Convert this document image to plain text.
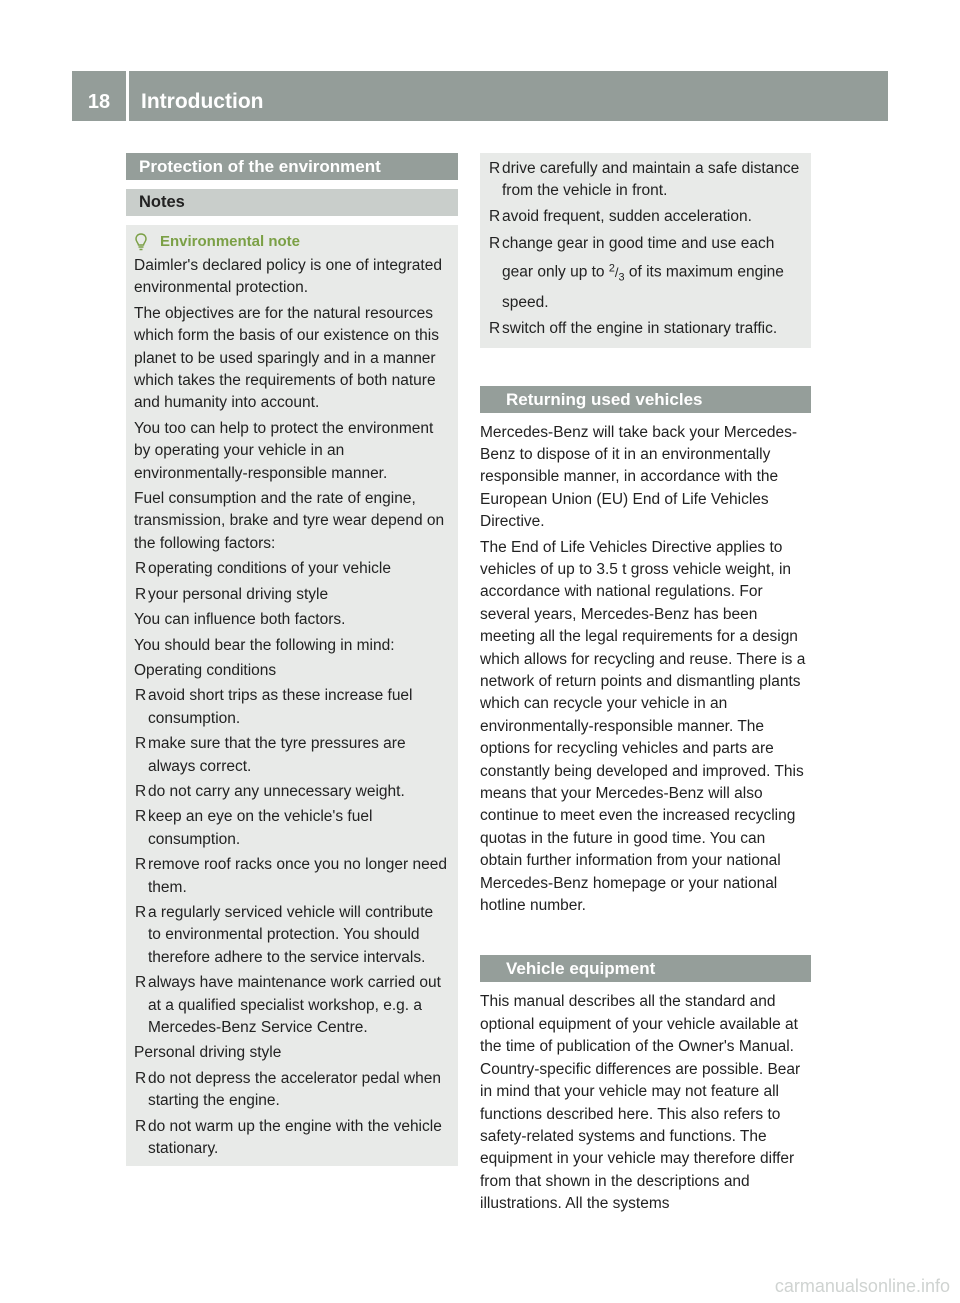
18	Introduction
Protection of the environment
Notes
Environmental note

Daimler's declared policy is one of integrated environmental protection.

The objectives are for the natural resources which form the basis of our existence on this planet to be used sparingly and in a manner which takes the requirements of both nature and humanity into account.

You too can help to protect the environment by operating your vehicle in an environmentally-responsible manner.

Fuel consumption and the rate of engine, transmission, brake and tyre wear depend on the following factors:

R operating conditions of your vehicle
R your personal driving style

You can influence both factors.

You should bear the following in mind:

Operating conditions

R avoid short trips as these increase fuel consumption.
R make sure that the tyre pressures are always correct.
R do not carry any unnecessary weight.
R keep an eye on the vehicle's fuel consumption.
R remove roof racks once you no longer need them.
R a regularly serviced vehicle will contribute to environmental protection. You should therefore adhere to the service intervals.
R always have maintenance work carried out at a qualified specialist workshop, e.g. a Mercedes-Benz Service Centre.

Personal driving style

R do not depress the accelerator pedal when starting the engine.
R do not warm up the engine with the vehicle stationary.
R drive carefully and maintain a safe distance from the vehicle in front.
R avoid frequent, sudden acceleration.
R change gear in good time and use each gear only up to $^2/_3$ of its maximum engine speed.
R switch off the engine in stationary traffic.
Returning used vehicles

Mercedes-Benz will take back your Mercedes-Benz to dispose of it in an environmentally responsible manner, in accordance with the European Union (EU) End of Life Vehicles Directive.

The End of Life Vehicles Directive applies to vehicles of up to 3.5 t gross vehicle weight, in accordance with national regulations. For several years, Mercedes-Benz has been meeting all the legal requirements for a design which allows for recycling and reuse. There is a network of return points and dismantling plants which can recycle your vehicle in an environmentally-responsible manner. The options for recycling vehicles and parts are constantly being developed and improved. This means that your Mercedes-Benz will also continue to meet even the increased recycling quotas in the future in good time. You can obtain further information from your national Mercedes-Benz homepage or your national hotline number.

Vehicle equipment

This manual describes all the standard and optional equipment of your vehicle available at the time of publication of the Owner's Manual. Country-specific differences are possible. Bear in mind that your vehicle may not feature all functions described here. This also refers to safety-related systems and functions. The equipment in your vehicle may therefore differ from that shown in the descriptions and illustrations. All the systems

carmanualsonline.info
